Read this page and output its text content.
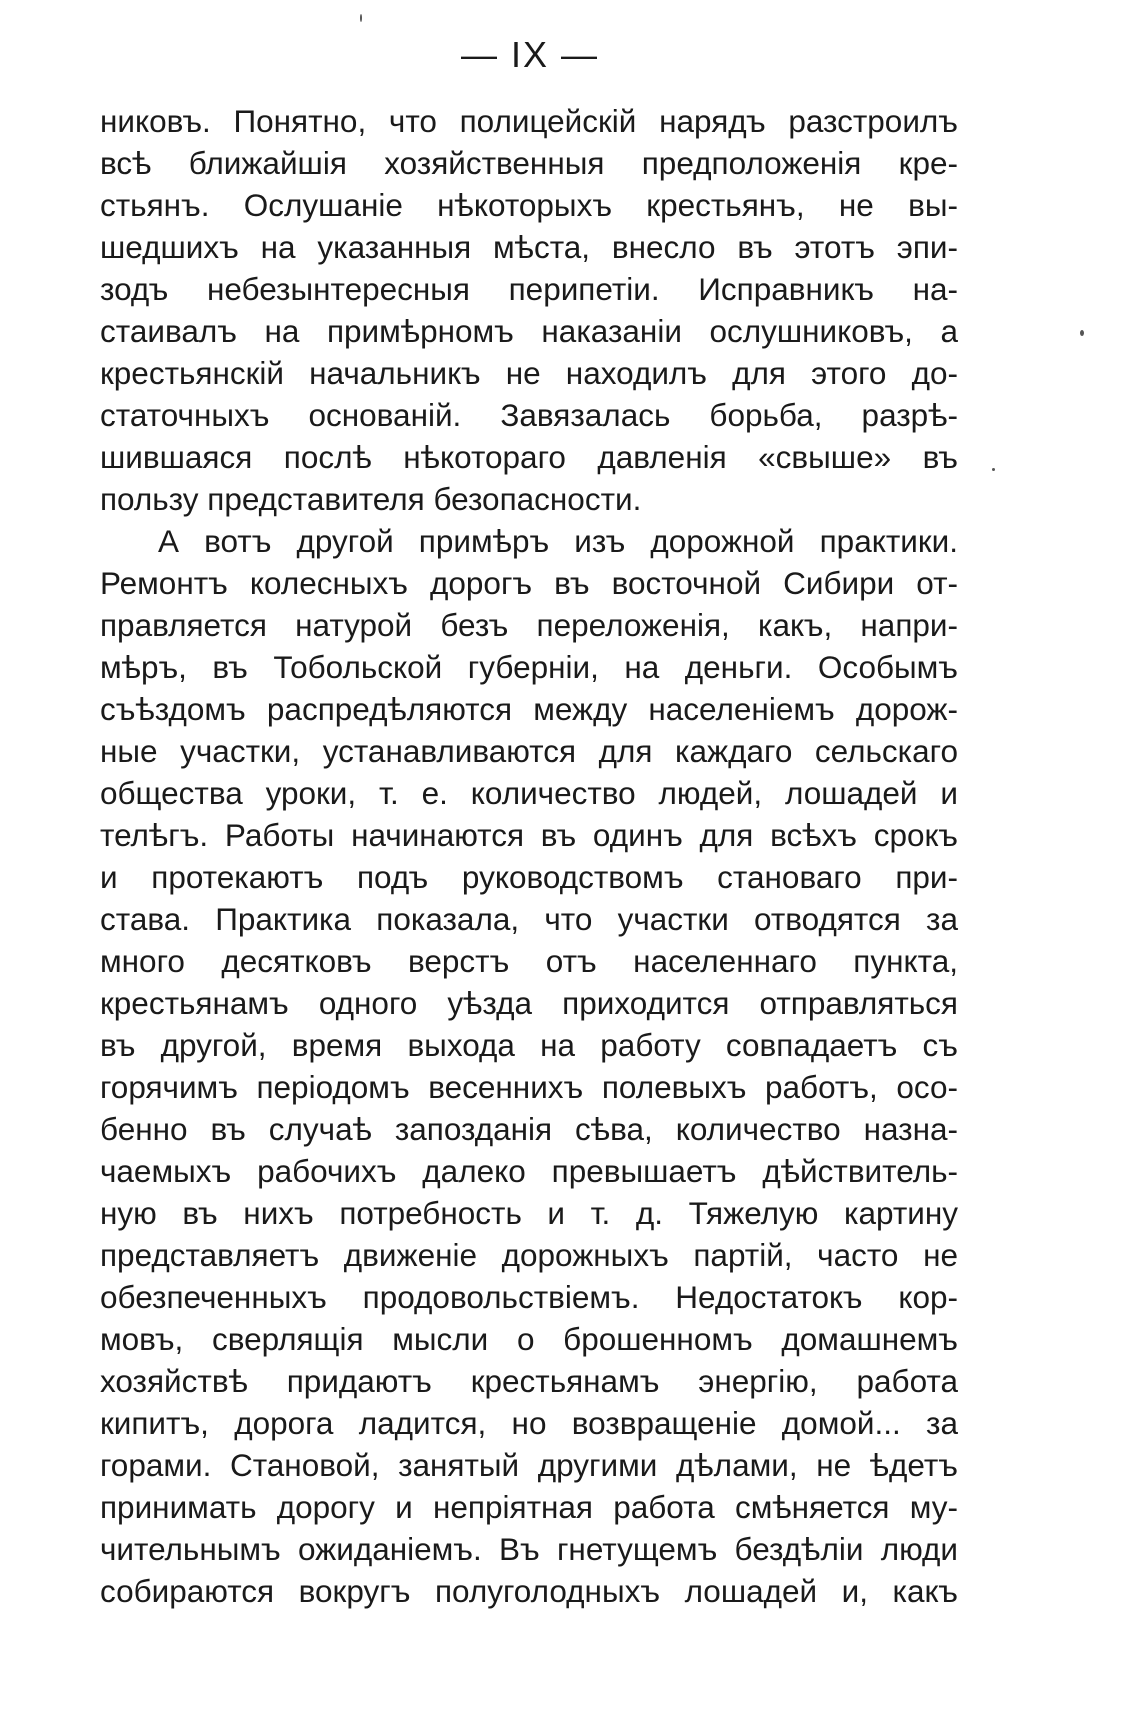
— IX —
никовъ. Понятно, что полицейскій нарядъ разстроилъ
всѣ ближайшія хозяйственныя предположенія кре-
стьянъ. Ослушаніе нѣкоторыхъ крестьянъ, не вы-
шедшихъ на указанныя мѣста, внесло въ этотъ эпи-
зодъ небезынтересныя перипетіи. Исправникъ на-
стаивалъ на примѣрномъ наказаніи ослушниковъ, а
крестьянскій начальникъ не находилъ для этого до-
статочныхъ основаній. Завязалась борьба, разрѣ-
шившаяся послѣ нѣкотораго давленія «свыше» въ
пользу представителя безопасности.
А вотъ другой примѣръ изъ дорожной практики.
Ремонтъ колесныхъ дорогъ въ восточной Сибири от-
правляется натурой безъ переложенія, какъ, напри-
мѣръ, въ Тобольской губерніи, на деньги. Особымъ
съѣздомъ распредѣляются между населеніемъ дорож-
ные участки, устанавливаются для каждаго сельскаго
общества уроки, т. е. количество людей, лошадей и
телѣгъ. Работы начинаются въ одинъ для всѣхъ срокъ
и протекаютъ подъ руководствомъ становаго при-
става. Практика показала, что участки отводятся за
много десятковъ верстъ отъ населеннаго пункта,
крестьянамъ одного уѣзда приходится отправляться
въ другой, время выхода на работу совпадаетъ съ
горячимъ періодомъ весеннихъ полевыхъ работъ, осо-
бенно въ случаѣ запозданія сѣва, количество назна-
чаемыхъ рабочихъ далеко превышаетъ дѣйствитель-
ную въ нихъ потребность и т. д. Тяжелую картину
представляетъ движеніе дорожныхъ партій, часто не
обезпеченныхъ продовольствіемъ. Недостатокъ кор-
мовъ, сверлящія мысли о брошенномъ домашнемъ
хозяйствѣ придаютъ крестьянамъ энергію, работа
кипитъ, дорога ладится, но возвращеніе домой... за
горами. Становой, занятый другими дѣлами, не ѣдетъ
принимать дорогу и непріятная работа смѣняется му-
чительнымъ ожиданіемъ. Въ гнетущемъ бездѣліи люди
собираются вокругъ полуголодныхъ лошадей и, какъ
